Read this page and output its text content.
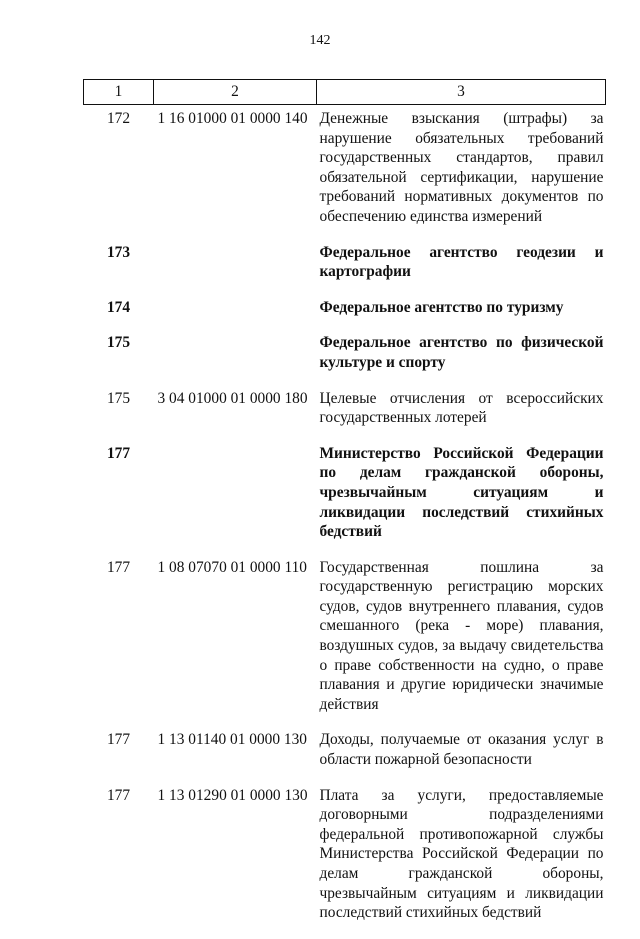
142
1	2	3
172	1 16 01000 01 0000 140	Денежные взыскания (штрафы) за нарушение обязательных требований государственных стандартов, правил обязательной сертификации, нарушение требований нормативных документов по обеспечению единства измерений
173		Федеральное агентство геодезии и картографии
174		Федеральное агентство по туризму
175		Федеральное агентство по физической культуре и спорту
175	3 04 01000 01 0000 180	Целевые отчисления от всероссийских государственных лотерей
177		Министерство Российской Федерации по делам гражданской обороны, чрезвычайным ситуациям и ликвидации последствий стихийных бедствий
177	1 08 07070 01 0000 110	Государственная пошлина за государственную регистрацию морских судов, судов внутреннего плавания, судов смешанного (река - море) плавания, воздушных судов, за выдачу свидетельства о праве собственности на судно, о праве плавания и другие юридически значимые действия
177	1 13 01140 01 0000 130	Доходы, получаемые от оказания услуг в области пожарной безопасности
177	1 13 01290 01 0000 130	Плата за услуги, предоставляемые договорными подразделениями федеральной противопожарной службы Министерства Российской Федерации по делам гражданской обороны, чрезвычайным ситуациям и ликвидации последствий стихийных бедствий
